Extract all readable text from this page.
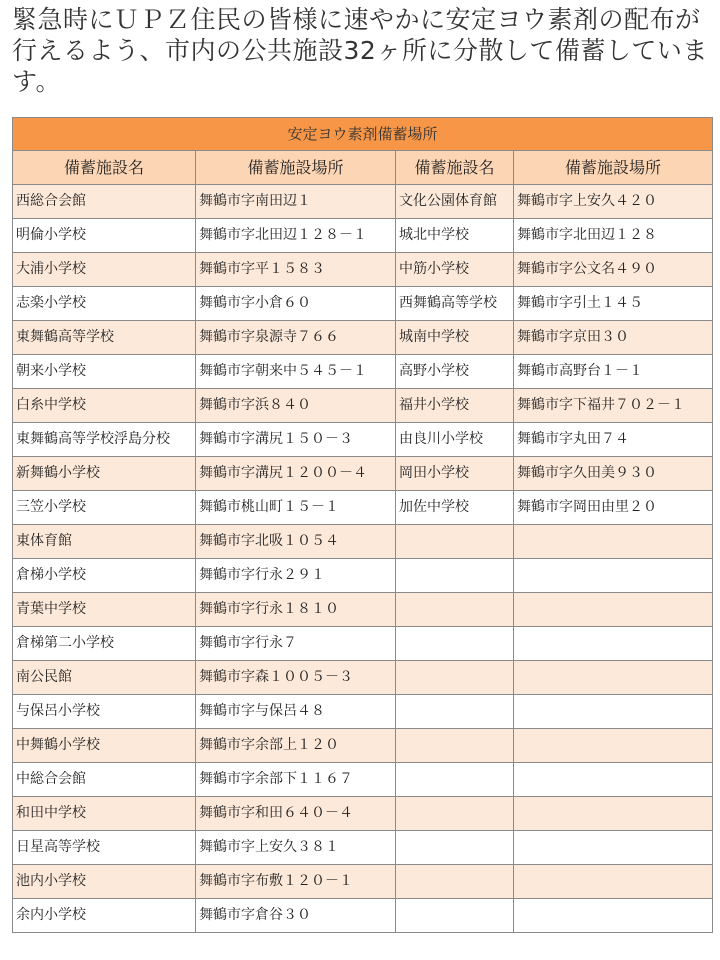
緊急時にＵＰＺ住民の皆様に速やかに安定ヨウ素剤の配布が行えるよう、市内の公共施設32ヶ所に分散して備蓄しています。
安定ヨウ素剤備蓄場所			
備蓄施設名	備蓄施設場所	備蓄施設名	備蓄施設場所
西総合会館	舞鶴市字南田辺１	文化公園体育館	舞鶴市字上安久４２０
明倫小学校	舞鶴市字北田辺１２８－１	城北中学校	舞鶴市字北田辺１２８
大浦小学校	舞鶴市字平１５８３	中筋小学校	舞鶴市字公文名４９０
志楽小学校	舞鶴市字小倉６０	西舞鶴高等学校	舞鶴市字引土１４５
東舞鶴高等学校	舞鶴市字泉源寺７６６	城南中学校	舞鶴市字京田３０
朝来小学校	舞鶴市字朝来中５４５－１	高野小学校	舞鶴市高野台１－１
白糸中学校	舞鶴市字浜８４０	福井小学校	舞鶴市字下福井７０２－１
東舞鶴高等学校浮島分校	舞鶴市字溝尻１５０－３	由良川小学校	舞鶴市字丸田７４
新舞鶴小学校	舞鶴市字溝尻１２００－４	岡田小学校	舞鶴市字久田美９３０
三笠小学校	舞鶴市桃山町１５－１	加佐中学校	舞鶴市字岡田由里２０
東体育館	舞鶴市字北吸１０５４		
倉梯小学校	舞鶴市字行永２９１		
青葉中学校	舞鶴市字行永１８１０		
倉梯第二小学校	舞鶴市字行永７		
南公民館	舞鶴市字森１００５－３		
与保呂小学校	舞鶴市字与保呂４８		
中舞鶴小学校	舞鶴市字余部上１２０		
中総合会館	舞鶴市字余部下１１６７		
和田中学校	舞鶴市字和田６４０－４		
日星高等学校	舞鶴市字上安久３８１		
池内小学校	舞鶴市字布敷１２０－１		
余内小学校	舞鶴市字倉谷３０		
